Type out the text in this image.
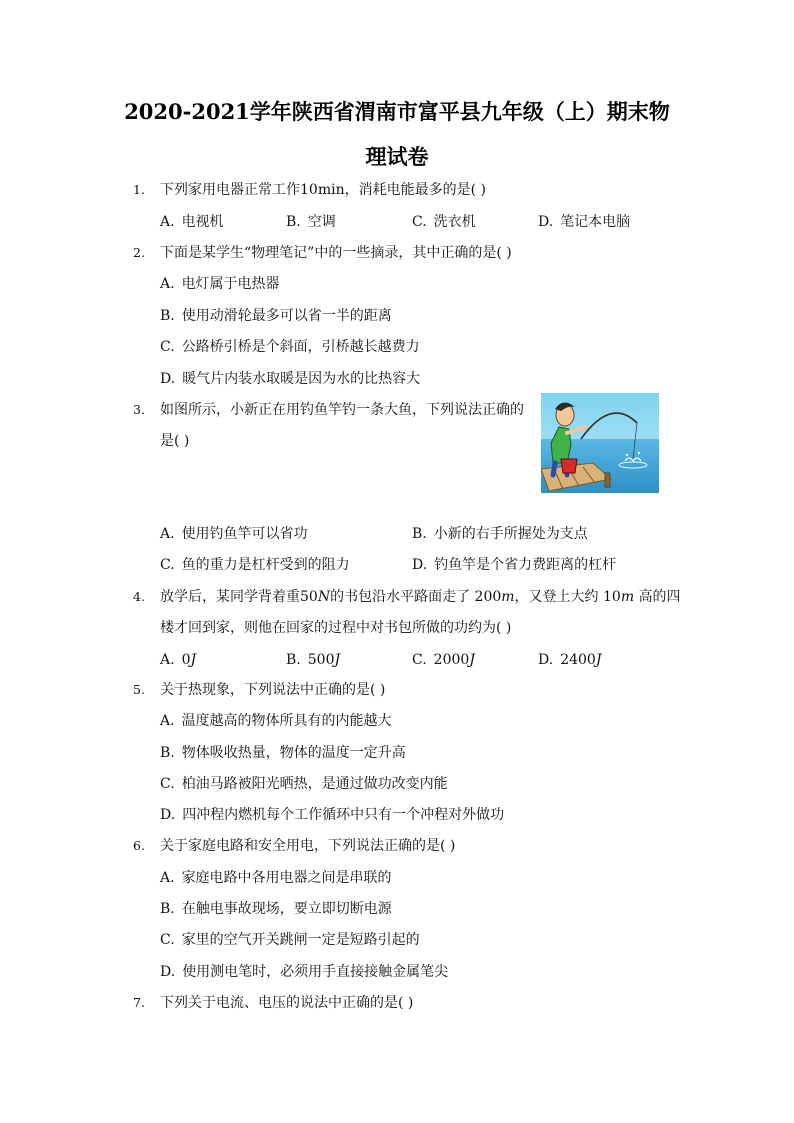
2020-2021学年陕西省渭南市富平县九年级（上）期末物
理试卷
1.	下列家用电器正常工作10min，消耗电能最多的是( )
A. 电视机	B. 空调	C. 洗衣机	D. 笔记本电脑
2.	下面是某学生“物理笔记”中的一些摘录，其中正确的是( )
A. 电灯属于电热器
B. 使用动滑轮最多可以省一半的距离
C. 公路桥引桥是个斜面，引桥越长越费力
D. 暖气片内装水取暖是因为水的比热容大
3.	如图所示，小新正在用钓鱼竿钓一条大鱼，下列说法正确的
是( )
A. 使用钓鱼竿可以省功	B. 小新的右手所握处为支点
C. 鱼的重力是杠杆受到的阻力	D. 钓鱼竿是个省力费距离的杠杆
4.	放学后，某同学背着重50N的书包沿水平路面走了 200m，又登上大约 10m 高的四
楼才回到家，则他在回家的过程中对书包所做的功约为( )
A. 0J	B. 500J	C. 2000J	D. 2400J
5.	关于热现象，下列说法中正确的是( )
A. 温度越高的物体所具有的内能越大
B. 物体吸收热量，物体的温度一定升高
C. 柏油马路被阳光晒热，是通过做功改变内能
D. 四冲程内燃机每个工作循环中只有一个冲程对外做功
6.	关于家庭电路和安全用电，下列说法正确的是( )
A. 家庭电路中各用电器之间是串联的
B. 在触电事故现场，要立即切断电源
C. 家里的空气开关跳闸一定是短路引起的
D. 使用测电笔时，必须用手直接接触金属笔尖
7.	下列关于电流、电压的说法中正确的是( )
